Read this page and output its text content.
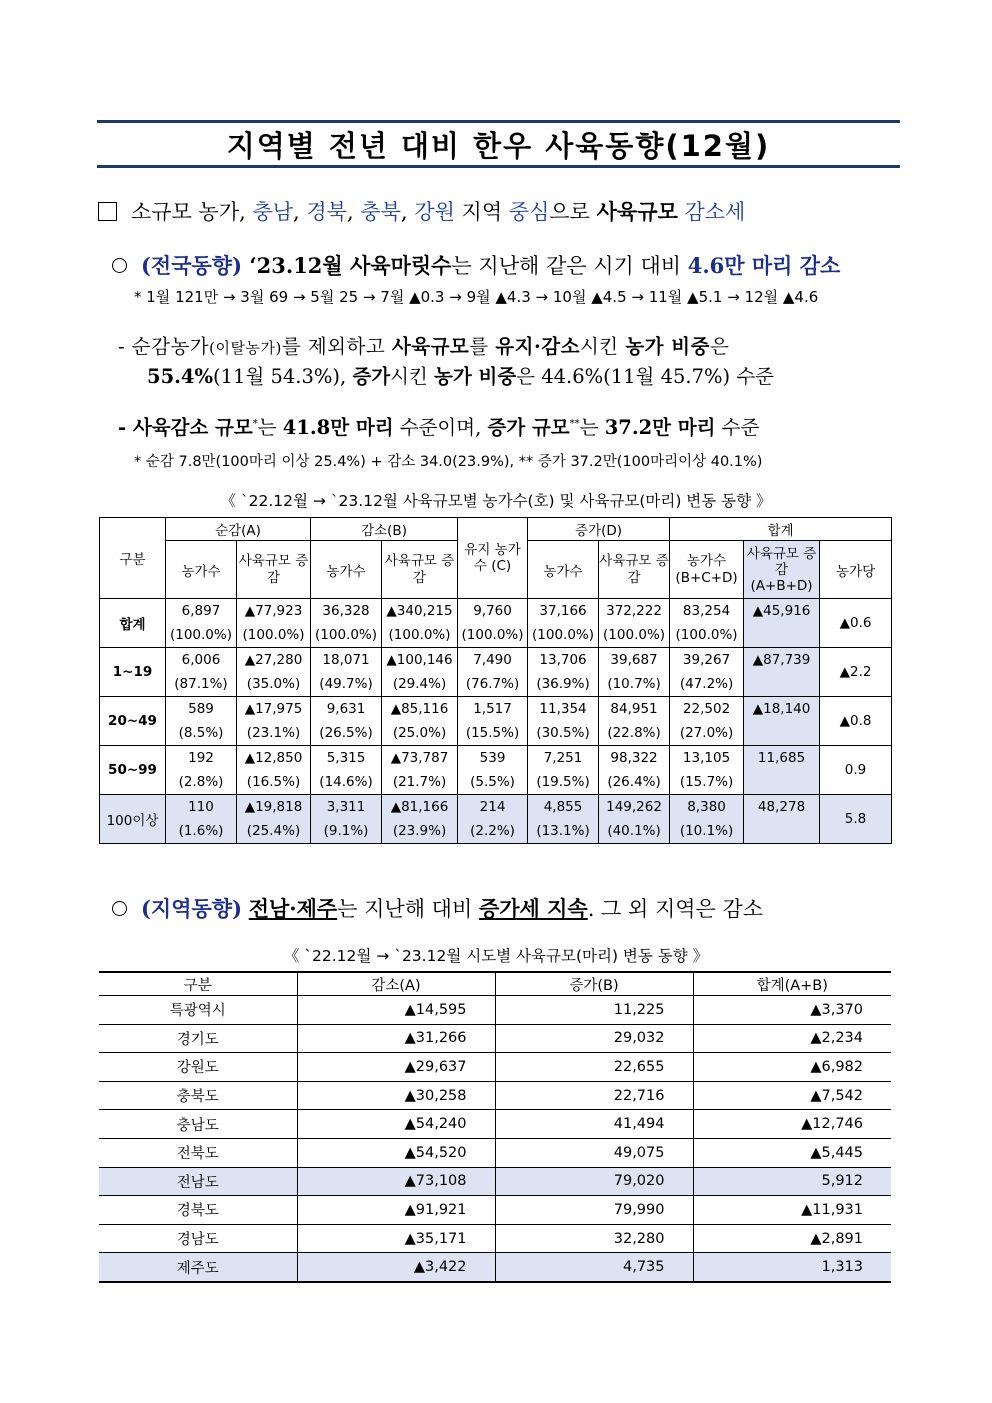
지역별 전년 대비 한우 사육동향(12월)
소규모 농가, 충남, 경북, 충북, 강원 지역 중심으로 사육규모 감소세
(전국동향) ‘23.12월 사육마릿수는 지난해 같은 시기 대비 4.6만 마리 감소
* 1월 121만 → 3월 69 → 5월 25 → 7월 ▲0.3 → 9월 ▲4.3 → 10월 ▲4.5 → 11월 ▲5.1 → 12월 ▲4.6
- 순감농가(이탈농가)를 제외하고 사육규모를 유지·감소시킨 농가 비중은
55.4%(11월 54.3%), 증가시킨 농가 비중은 44.6%(11월 45.7%) 수준
- 사육감소 규모*는 41.8만 마리 수준이며, 증가 규모**는 37.2만 마리 수준
* 순감 7.8만(100마리 이상 25.4%) + 감소 34.0(23.9%), ** 증가 37.2만(100마리이상 40.1%)
《 `22.12월 → `23.12월 사육규모별 농가수(호) 및 사육규모(마리) 변동 동향 》
구분	순감(A)		감소(B)		유지 농가수 (C)	증가(D)		합계		
	농가수	사육규모 증감	농가수	사육규모 증감		농가수	사육규모 증감	농가수 (B+C+D)	사육규모 증감 (A+B+D)	농가당
합계	6,897	▲77,923	36,328	▲340,215	9,760	37,166	372,222	83,254	▲45,916	▲0.6
	(100.0%)	(100.0%)	(100.0%)	(100.0%)	(100.0%)	(100.0%)	(100.0%)	(100.0%)		
1~19	6,006	▲27,280	18,071	▲100,146	7,490	13,706	39,687	39,267	▲87,739	▲2.2
	(87.1%)	(35.0%)	(49.7%)	(29.4%)	(76.7%)	(36.9%)	(10.7%)	(47.2%)		
20~49	589	▲17,975	9,631	▲85,116	1,517	11,354	84,951	22,502	▲18,140	▲0.8
	(8.5%)	(23.1%)	(26.5%)	(25.0%)	(15.5%)	(30.5%)	(22.8%)	(27.0%)		
50~99	192	▲12,850	5,315	▲73,787	539	7,251	98,322	13,105	11,685	0.9
	(2.8%)	(16.5%)	(14.6%)	(21.7%)	(5.5%)	(19.5%)	(26.4%)	(15.7%)		
100이상	110	▲19,818	3,311	▲81,166	214	4,855	149,262	8,380	48,278	5.8
	(1.6%)	(25.4%)	(9.1%)	(23.9%)	(2.2%)	(13.1%)	(40.1%)	(10.1%)		
(지역동향) 전남·제주는 지난해 대비 증가세 지속. 그 외 지역은 감소
《 `22.12월 → `23.12월 시도별 사육규모(마리) 변동 동향 》
구분	감소(A)	증가(B)	합계(A+B)
특광역시	▲14,595	11,225	▲3,370
경기도	▲31,266	29,032	▲2,234
강원도	▲29,637	22,655	▲6,982
충북도	▲30,258	22,716	▲7,542
충남도	▲54,240	41,494	▲12,746
전북도	▲54,520	49,075	▲5,445
전남도	▲73,108	79,020	5,912
경북도	▲91,921	79,990	▲11,931
경남도	▲35,171	32,280	▲2,891
제주도	▲3,422	4,735	1,313
